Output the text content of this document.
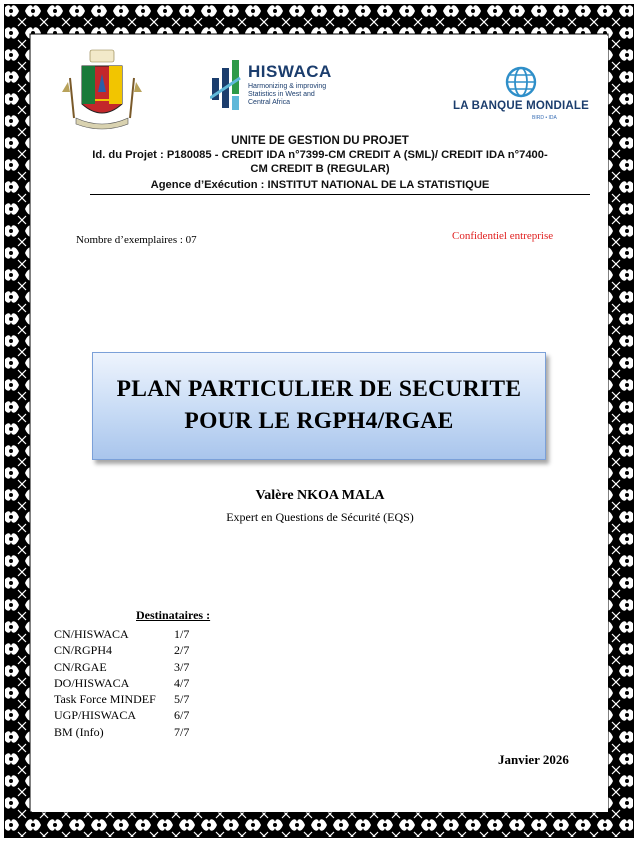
HISWACA
Harmonizing & improving
Statistics in West and
Central Africa	LA BANQUE MONDIALE
BIRD • IDA
UNITE DE GESTION DU PROJET
Id. du Projet : P180085 - CREDIT IDA n°7399-CM CREDIT A (SML)/ CREDIT IDA n°7400-
CM CREDIT B (REGULAR)
Agence d’Exécution : INSTITUT NATIONAL DE LA STATISTIQUE
Nombre d’exemplaires : 07	Confidentiel entreprise
PLAN PARTICULIER DE SECURITE
POUR LE RGPH4/RGAE
Valère NKOA MALA
Expert en Questions de Sécurité (EQS)
Destinataires :
CN/HISWACA	1/7
CN/RGPH4	2/7
CN/RGAE	3/7
DO/HISWACA	4/7
Task Force MINDEF	5/7
UGP/HISWACA	6/7
BM (Info)	7/7
Janvier 2026
